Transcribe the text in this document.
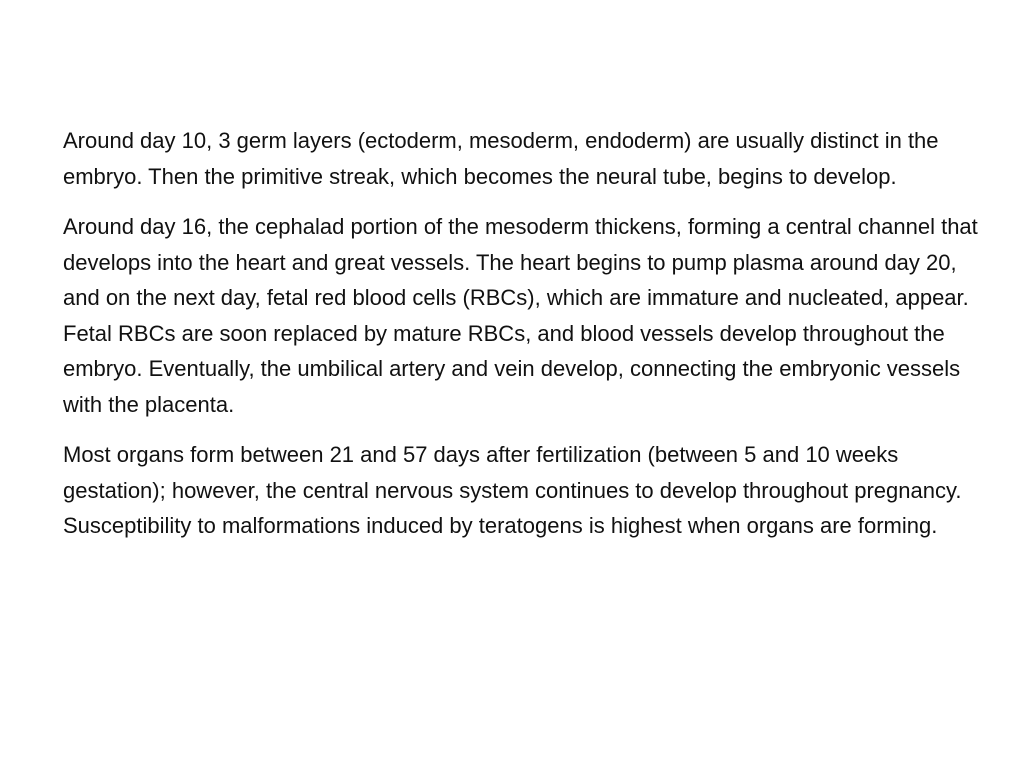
Around day 10, 3 germ layers (ectoderm, mesoderm, endoderm) are usually distinct in the embryo. Then the primitive streak, which becomes the neural tube, begins to develop.

Around day 16, the cephalad portion of the mesoderm thickens, forming a central channel that develops into the heart and great vessels. The heart begins to pump plasma around day 20, and on the next day, fetal red blood cells (RBCs), which are immature and nucleated, appear. Fetal RBCs are soon replaced by mature RBCs, and blood vessels develop throughout the embryo. Eventually, the umbilical artery and vein develop, connecting the embryonic vessels with the placenta.

Most organs form between 21 and 57 days after fertilization (between 5 and 10 weeks gestation); however, the central nervous system continues to develop throughout pregnancy. Susceptibility to malformations induced by teratogens is highest when organs are forming.
